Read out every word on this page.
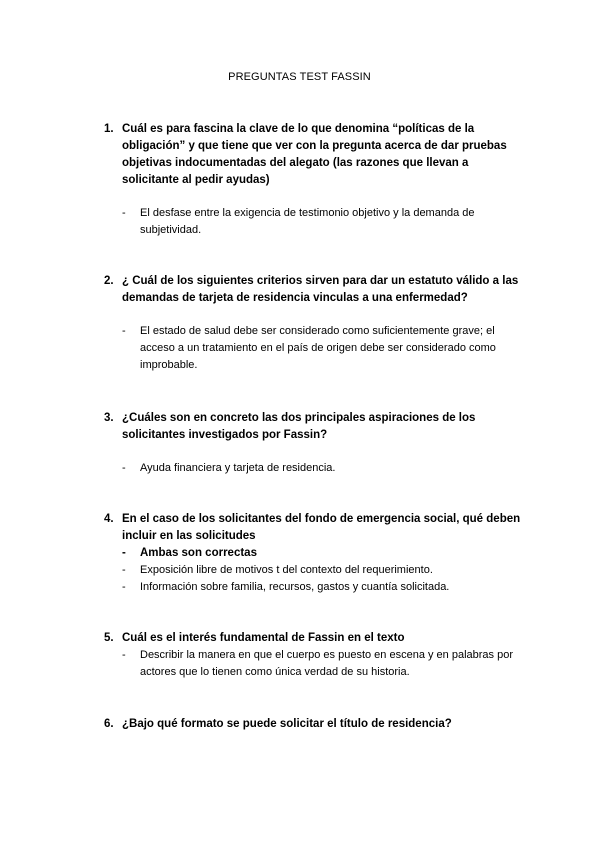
PREGUNTAS TEST FASSIN
1. Cuál es para fascina la clave de lo que denomina “políticas de la obligación” y que tiene que ver con la pregunta acerca de dar pruebas objetivas indocumentadas del alegato (las razones que llevan a solicitante al pedir ayudas)
- El desfase entre la exigencia de testimonio objetivo y la demanda de subjetividad.
2. ¿ Cuál de los siguientes criterios sirven para dar un estatuto válido a las demandas de tarjeta de residencia vinculas a una enfermedad?
- El estado de salud debe ser considerado como suficientemente grave; el acceso a un tratamiento en el país de origen debe ser considerado como improbable.
3. ¿Cuáles son en concreto las dos principales aspiraciones de los solicitantes investigados por Fassin?
- Ayuda financiera y tarjeta de residencia.
4. En el caso de los solicitantes del fondo de emergencia social, qué deben incluir en las solicitudes
- Ambas son correctas
- Exposición libre de motivos t del contexto del requerimiento.
- Información sobre familia, recursos, gastos y cuantía solicitada.
5. Cuál es el interés fundamental de Fassin en el texto
- Describir la manera en que el cuerpo es puesto en escena y en palabras por actores que lo tienen como única verdad de su historia.
6. ¿Bajo qué formato se puede solicitar el título de residencia?
